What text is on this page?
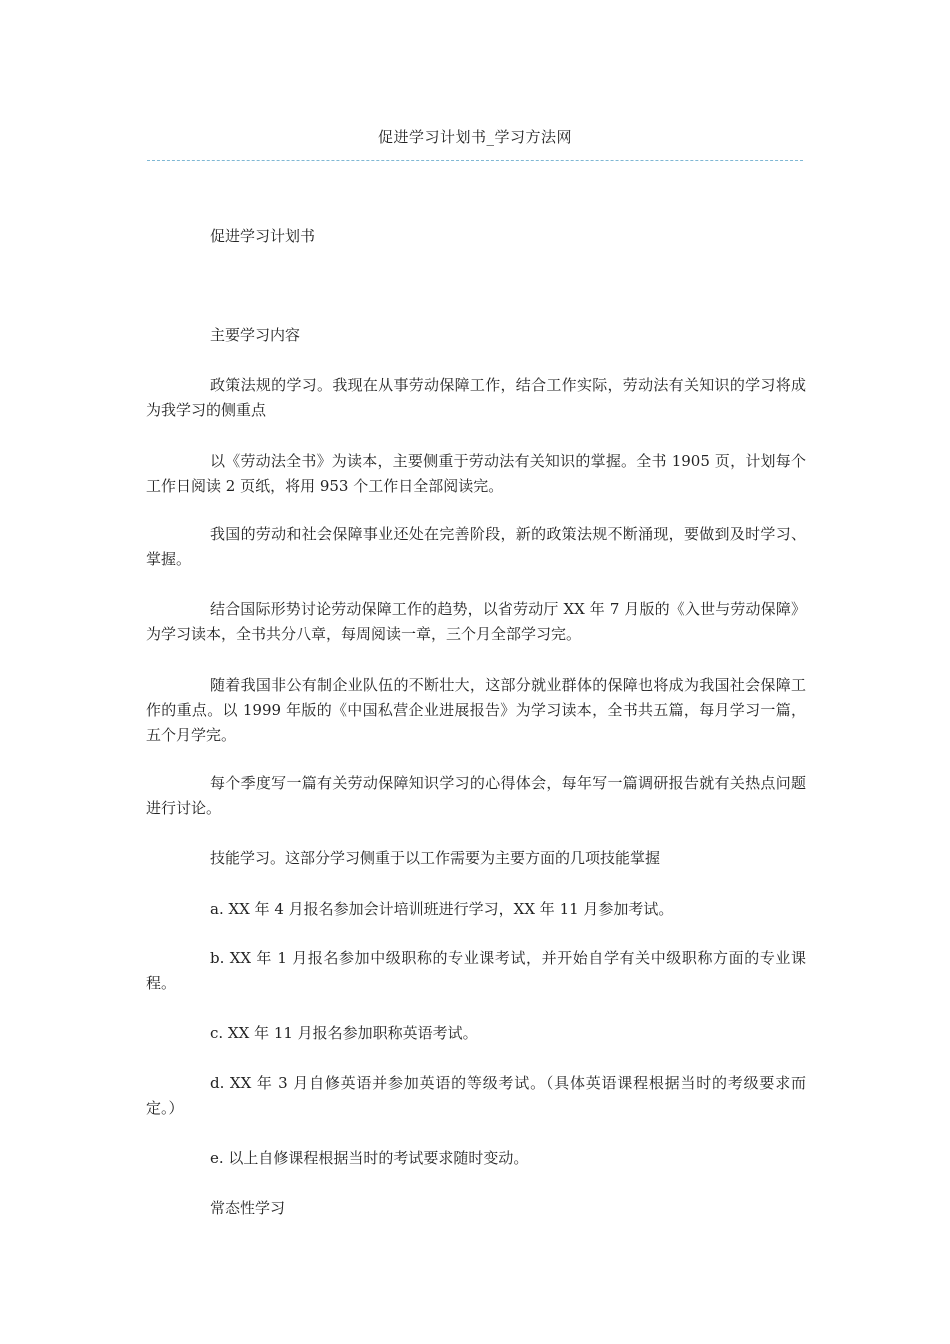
促进学习计划书_学习方法网

促进学习计划书

主要学习内容

政策法规的学习。我现在从事劳动保障工作，结合工作实际，劳动法有关知识的学习将成为我学习的侧重点

以《劳动法全书》为读本，主要侧重于劳动法有关知识的掌握。全书 1905 页，计划每个工作日阅读 2 页纸，将用 953 个工作日全部阅读完。

我国的劳动和社会保障事业还处在完善阶段，新的政策法规不断涌现，要做到及时学习、掌握。

结合国际形势讨论劳动保障工作的趋势，以省劳动厅 XX 年 7 月版的《入世与劳动保障》为学习读本，全书共分八章，每周阅读一章，三个月全部学习完。

随着我国非公有制企业队伍的不断壮大，这部分就业群体的保障也将成为我国社会保障工作的重点。以 1999 年版的《中国私营企业进展报告》为学习读本，全书共五篇，每月学习一篇，五个月学完。

每个季度写一篇有关劳动保障知识学习的心得体会，每年写一篇调研报告就有关热点问题进行讨论。

技能学习。这部分学习侧重于以工作需要为主要方面的几项技能掌握

a. XX 年 4 月报名参加会计培训班进行学习，XX 年 11 月参加考试。

b. XX 年 1 月报名参加中级职称的专业课考试，并开始自学有关中级职称方面的专业课程。

c. XX 年 11 月报名参加职称英语考试。

d. XX 年 3 月自修英语并参加英语的等级考试。（具体英语课程根据当时的考级要求而定。）

e. 以上自修课程根据当时的考试要求随时变动。

常态性学习
